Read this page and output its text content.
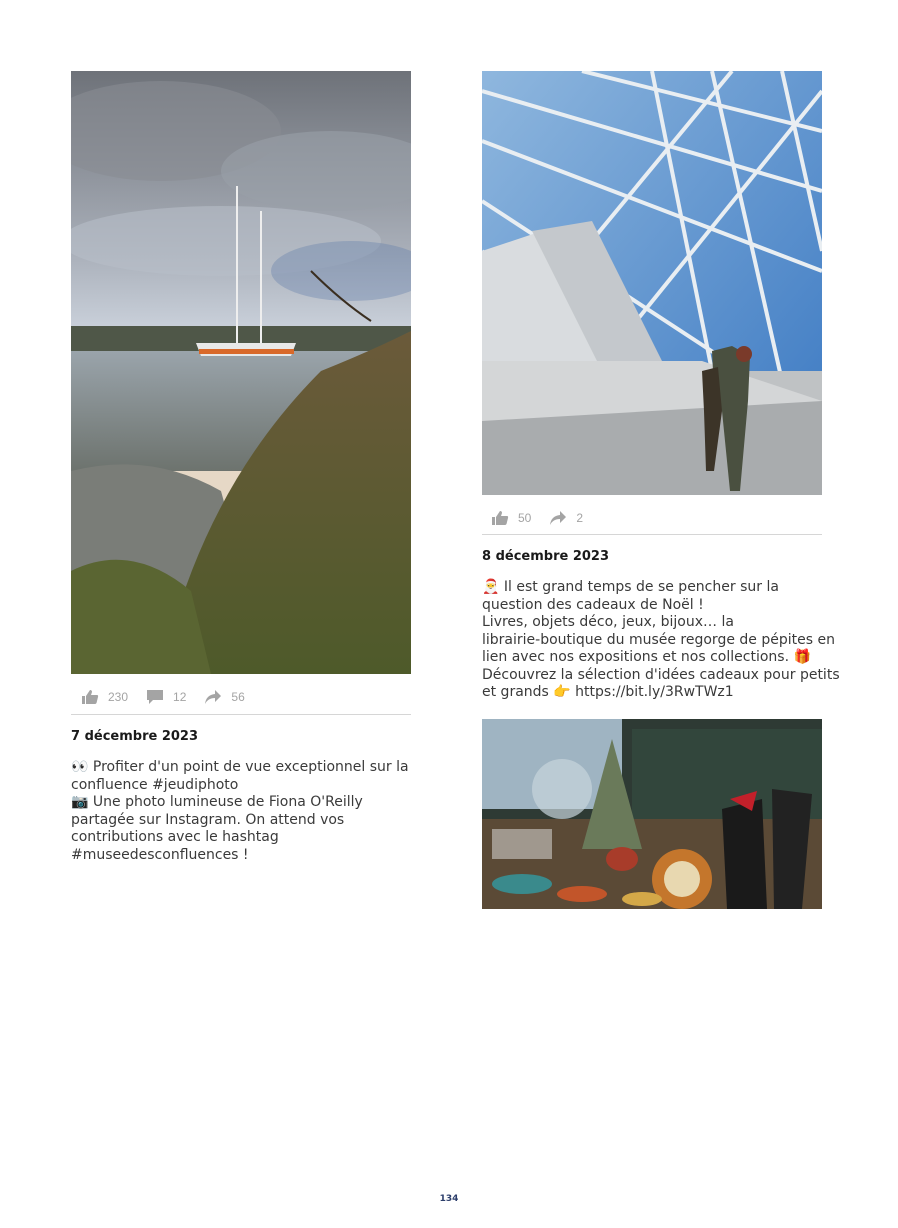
230	12	56
7 décembre 2023
👀 Profiter d'un point de vue exceptionnel sur la
confluence #jeudiphoto
📷 Une photo lumineuse de Fiona O'Reilly
partagée sur Instagram. On attend vos
contributions avec le hashtag
#museedesconfluences !
50	2
8 décembre 2023
🎅 Il est grand temps de se pencher sur la
question des cadeaux de Noël !
Livres, objets déco, jeux, bijoux… la
librairie-boutique du musée regorge de pépites en
lien avec nos expositions et nos collections. 🎁
Découvrez la sélection d'idées cadeaux pour petits
et grands 👉 https://bit.ly/3RwTWz1
134
